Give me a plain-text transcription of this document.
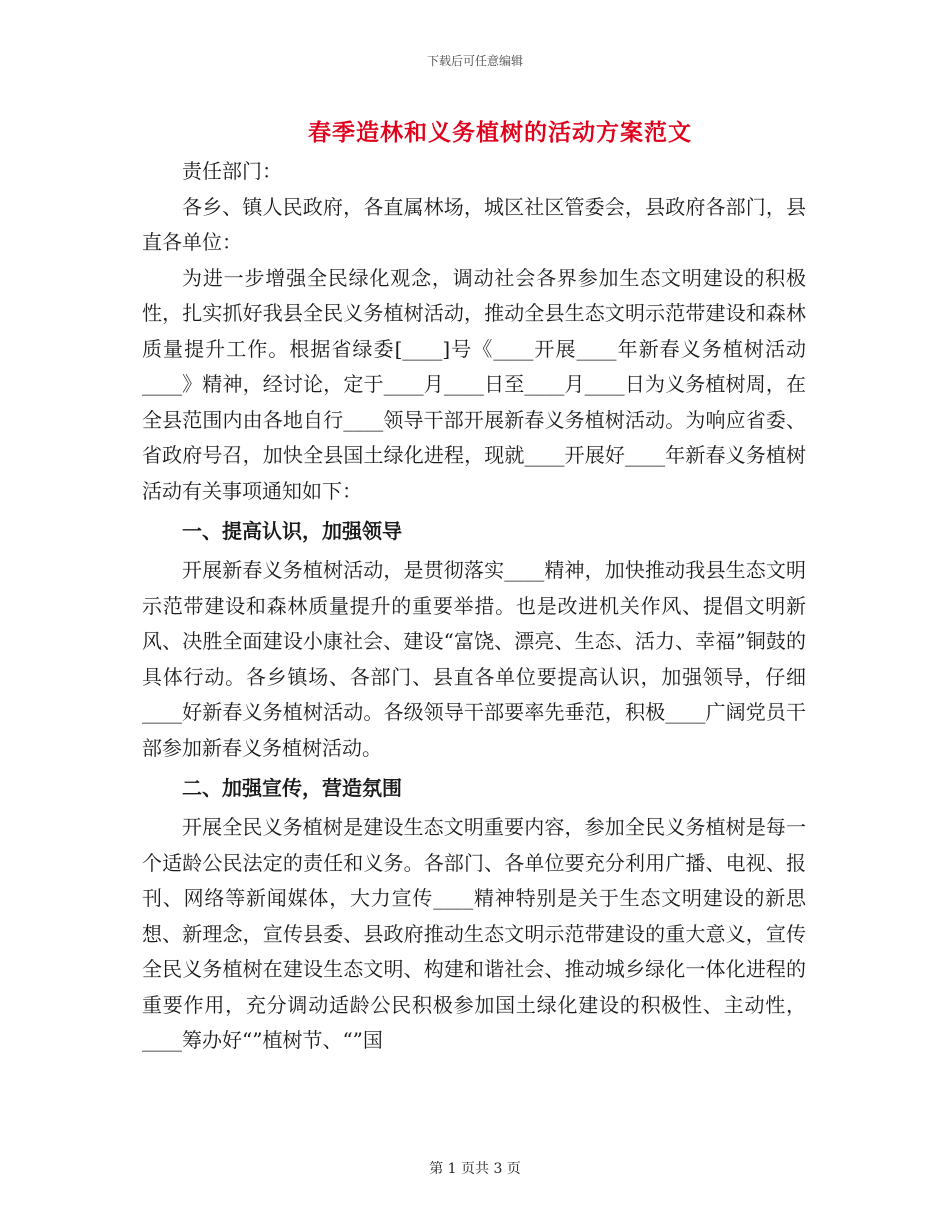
下载后可任意编辑
春季造林和义务植树的活动方案范文

责任部门：

各乡、镇人民政府，各直属林场，城区社区管委会，县政府各部门，县直各单位：

为进一步增强全民绿化观念，调动社会各界参加生态文明建设的积极性，扎实抓好我县全民义务植树活动，推动全县生态文明示范带建设和森林质量提升工作。根据省绿委[____]号《____开展____年新春义务植树活动____》精神，经讨论，定于____月____日至____月____日为义务植树周，在全县范围内由各地自行____领导干部开展新春义务植树活动。为响应省委、省政府号召，加快全县国土绿化进程，现就____开展好____年新春义务植树活动有关事项通知如下：

一、提高认识，加强领导

开展新春义务植树活动，是贯彻落实____精神，加快推动我县生态文明示范带建设和森林质量提升的重要举措。也是改进机关作风、提倡文明新风、决胜全面建设小康社会、建设“富饶、漂亮、生态、活力、幸福”铜鼓的具体行动。各乡镇场、各部门、县直各单位要提高认识，加强领导，仔细____好新春义务植树活动。各级领导干部要率先垂范，积极____广阔党员干部参加新春义务植树活动。

二、加强宣传，营造氛围

开展全民义务植树是建设生态文明重要内容，参加全民义务植树是每一个适龄公民法定的责任和义务。各部门、各单位要充分利用广播、电视、报刊、网络等新闻媒体，大力宣传____精神特别是关于生态文明建设的新思想、新理念，宣传县委、县政府推动生态文明示范带建设的重大意义，宣传全民义务植树在建设生态文明、构建和谐社会、推动城乡绿化一体化进程的重要作用，充分调动适龄公民积极参加国土绿化建设的积极性、主动性，____筹办好“”植树节、“”国

第 1 页共 3 页
